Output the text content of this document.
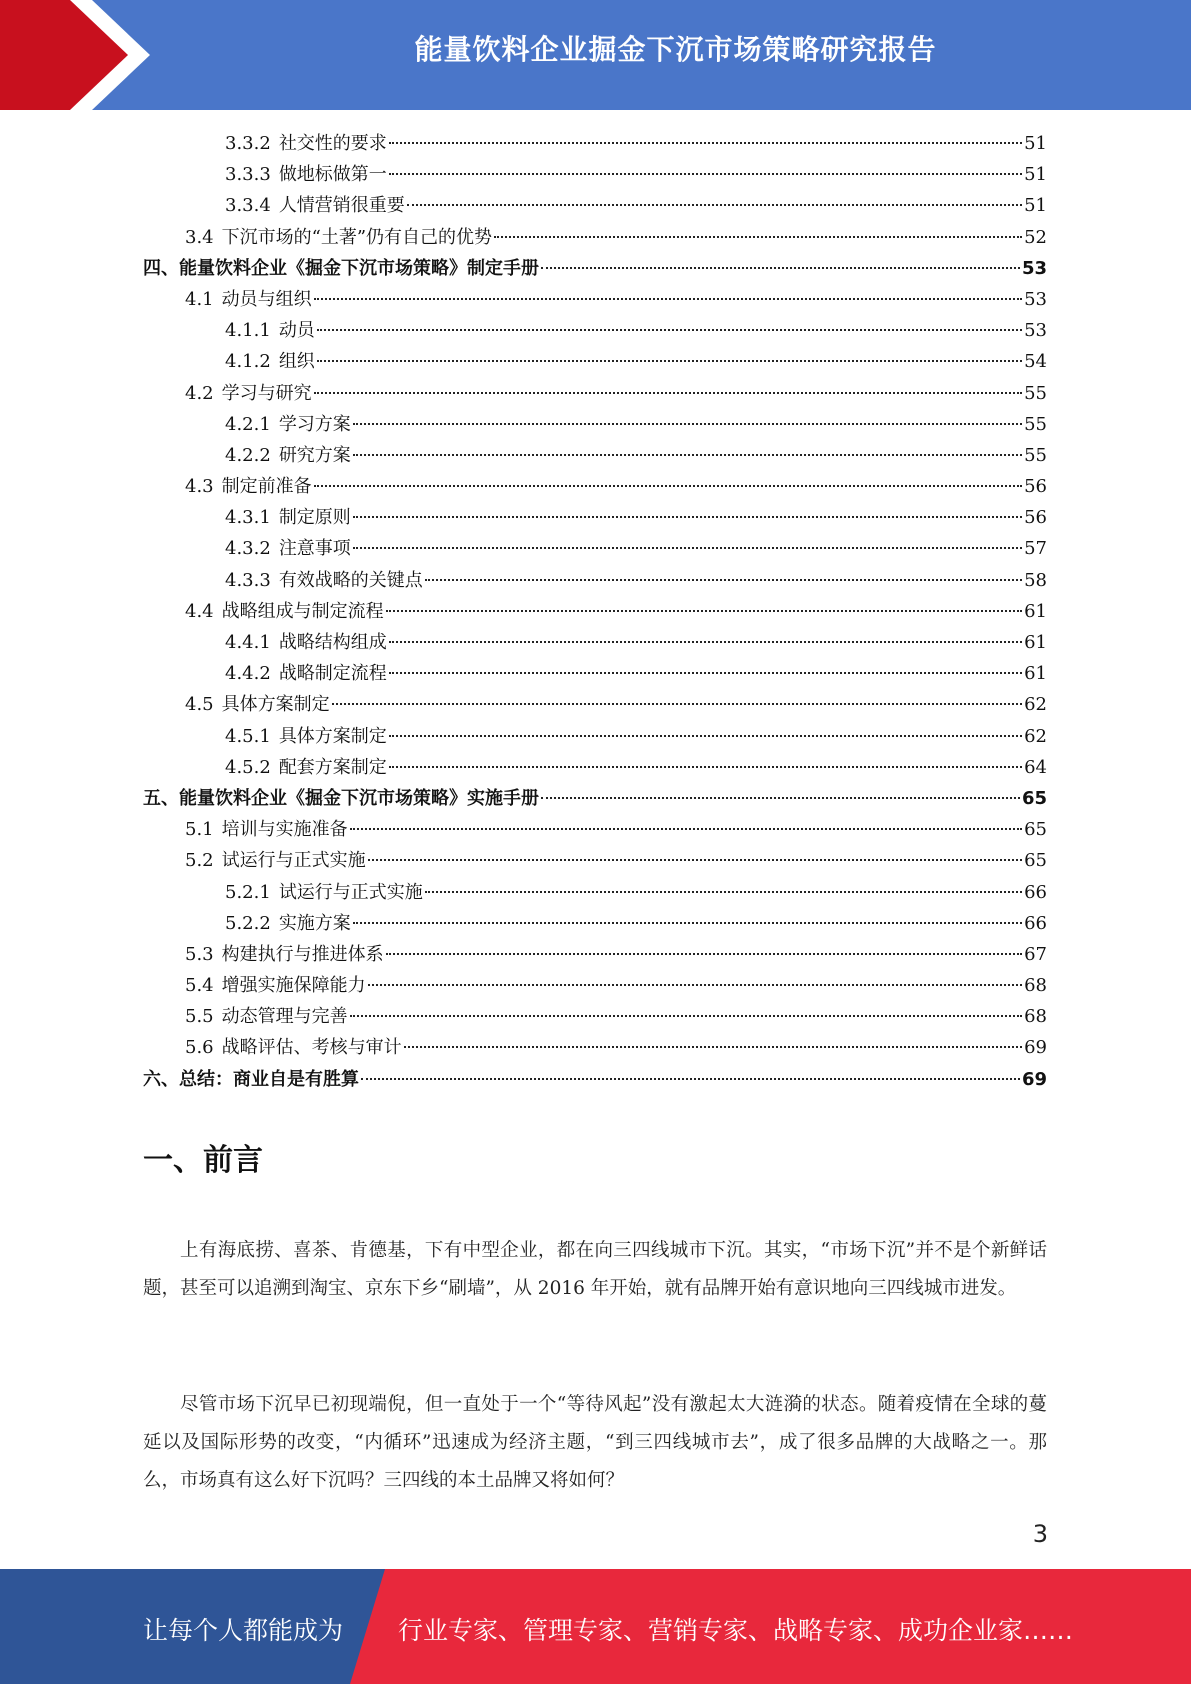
能量饮料企业掘金下沉市场策略研究报告
3.3.2 社交性的要求	51
3.3.3 做地标做第一	51
3.3.4 人情营销很重要	51
3.4 下沉市场的“土著”仍有自己的优势	52
四、能量饮料企业《掘金下沉市场策略》制定手册	53
4.1 动员与组织	53
4.1.1 动员	53
4.1.2 组织	54
4.2 学习与研究	55
4.2.1 学习方案	55
4.2.2 研究方案	55
4.3 制定前准备	56
4.3.1 制定原则	56
4.3.2 注意事项	57
4.3.3 有效战略的关键点	58
4.4 战略组成与制定流程	61
4.4.1 战略结构组成	61
4.4.2 战略制定流程	61
4.5 具体方案制定	62
4.5.1 具体方案制定	62
4.5.2 配套方案制定	64
五、能量饮料企业《掘金下沉市场策略》实施手册	65
5.1 培训与实施准备	65
5.2 试运行与正式实施	65
5.2.1 试运行与正式实施	66
5.2.2 实施方案	66
5.3 构建执行与推进体系	67
5.4 增强实施保障能力	68
5.5 动态管理与完善	68
5.6 战略评估、考核与审计	69
六、总结：商业自是有胜算	69
一、前言

上有海底捞、喜茶、肯德基，下有中型企业，都在向三四线城市下沉。其实，“市场下沉”并不是个新鲜话题，甚至可以追溯到淘宝、京东下乡“刷墙”，从 2016 年开始，就有品牌开始有意识地向三四线城市进发。

尽管市场下沉早已初现端倪，但一直处于一个“等待风起”没有激起太大涟漪的状态。随着疫情在全球的蔓延以及国际形势的改变，“内循环”迅速成为经济主题，“到三四线城市去”，成了很多品牌的大战略之一。那么，市场真有这么好下沉吗？三四线的本土品牌又将如何？

3
让每个人都能成为 行业专家、管理专家、营销专家、战略专家、成功企业家……
